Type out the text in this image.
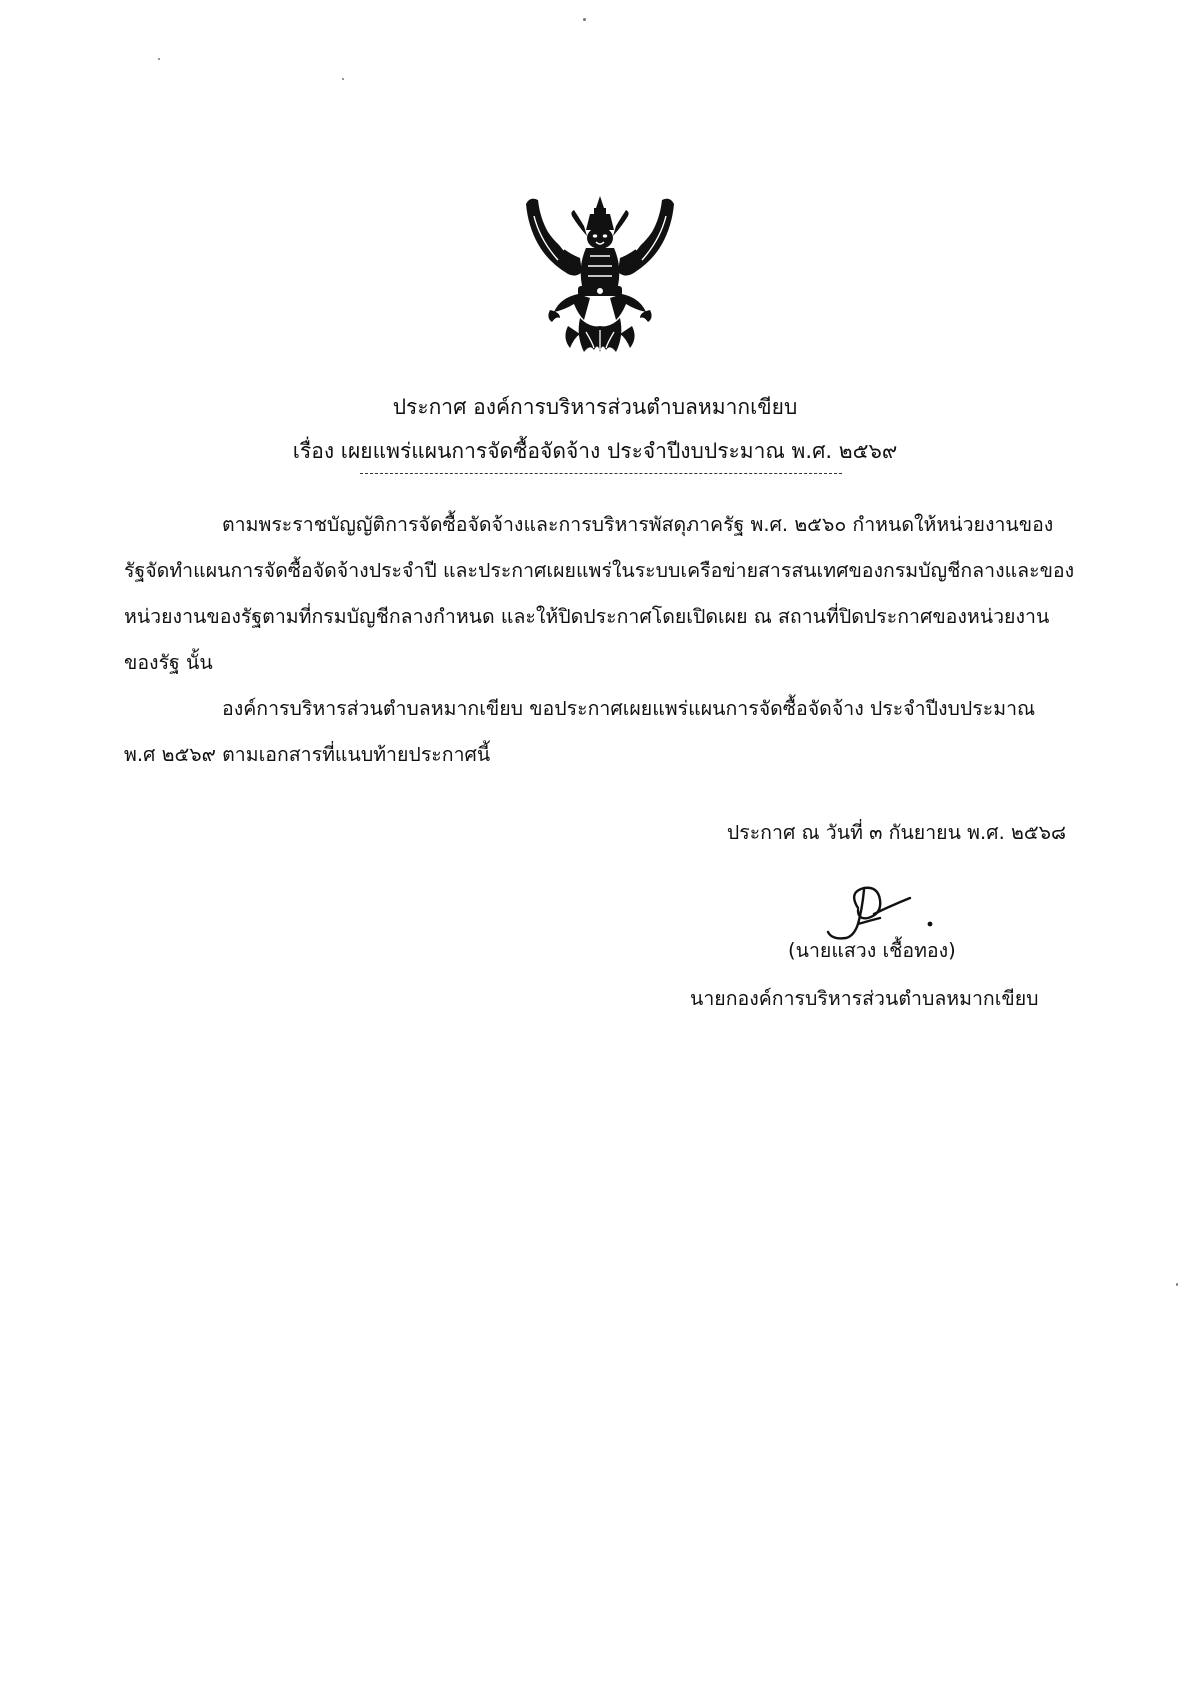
ประกาศ องค์การบริหารส่วนตำบลหมากเขียบ
เรื่อง เผยแพร่แผนการจัดซื้อจัดจ้าง ประจำปีงบประมาณ พ.ศ. ๒๕๖๙
ตามพระราชบัญญัติการจัดซื้อจัดจ้างและการบริหารพัสดุภาครัฐ พ.ศ. ๒๕๖๐ กำหนดให้หน่วยงานของ
รัฐจัดทำแผนการจัดซื้อจัดจ้างประจำปี และประกาศเผยแพร่ในระบบเครือข่ายสารสนเทศของกรมบัญชีกลางและของ
หน่วยงานของรัฐตามที่กรมบัญชีกลางกำหนด และให้ปิดประกาศโดยเปิดเผย ณ สถานที่ปิดประกาศของหน่วยงาน
ของรัฐ นั้น
องค์การบริหารส่วนตำบลหมากเขียบ ขอประกาศเผยแพร่แผนการจัดซื้อจัดจ้าง ประจำปีงบประมาณ
พ.ศ ๒๕๖๙ ตามเอกสารที่แนบท้ายประกาศนี้
ประกาศ ณ วันที่ ๓ กันยายน พ.ศ. ๒๕๖๘
(นายแสวง เชื้อทอง)
นายกองค์การบริหารส่วนตำบลหมากเขียบ
